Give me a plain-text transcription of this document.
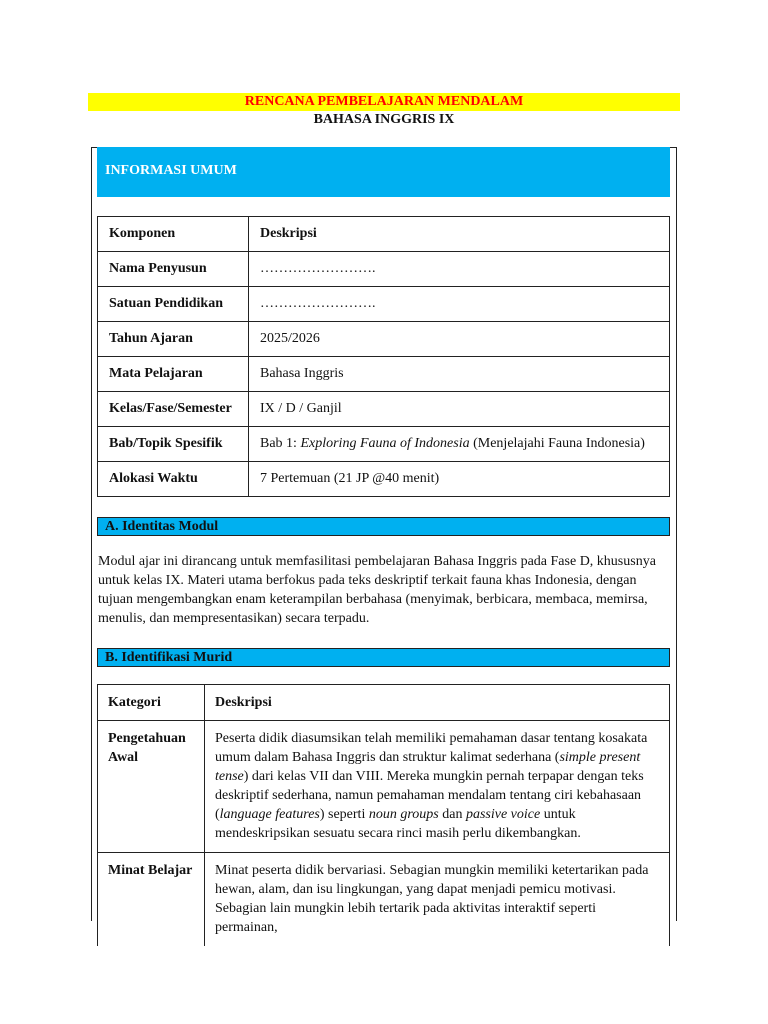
RENCANA PEMBELAJARAN MENDALAM
BAHASA INGGRIS IX
INFORMASI UMUM
Komponen	Deskripsi
Nama Penyusun	…………………….
Satuan Pendidikan	…………………….
Tahun Ajaran	2025/2026
Mata Pelajaran	Bahasa Inggris
Kelas/Fase/Semester	IX / D / Ganjil
Bab/Topik Spesifik	Bab 1: Exploring Fauna of Indonesia (Menjelajahi Fauna Indonesia)
Alokasi Waktu	7 Pertemuan (21 JP @40 menit)
A. Identitas Modul

Modul ajar ini dirancang untuk memfasilitasi pembelajaran Bahasa Inggris pada Fase D, khususnya untuk kelas IX. Materi utama berfokus pada teks deskriptif terkait fauna khas Indonesia, dengan tujuan mengembangkan enam keterampilan berbahasa (menyimak, berbicara, membaca, memirsa, menulis, dan mempresentasikan) secara terpadu.

B. Identifikasi Murid
Kategori	Deskripsi

Pengetahuan Awal	Peserta didik diasumsikan telah memiliki pemahaman dasar tentang kosakata umum dalam Bahasa Inggris dan struktur kalimat sederhana (simple present tense) dari kelas VII dan VIII. Mereka mungkin pernah terpapar dengan teks deskriptif sederhana, namun pemahaman mendalam tentang ciri kebahasaan (language features) seperti noun groups dan passive voice untuk mendeskripsikan sesuatu secara rinci masih perlu dikembangkan.

Minat Belajar	Minat peserta didik bervariasi. Sebagian mungkin memiliki ketertarikan pada hewan, alam, dan isu lingkungan, yang dapat menjadi pemicu motivasi. Sebagian lain mungkin lebih tertarik pada aktivitas interaktif seperti permainan,
